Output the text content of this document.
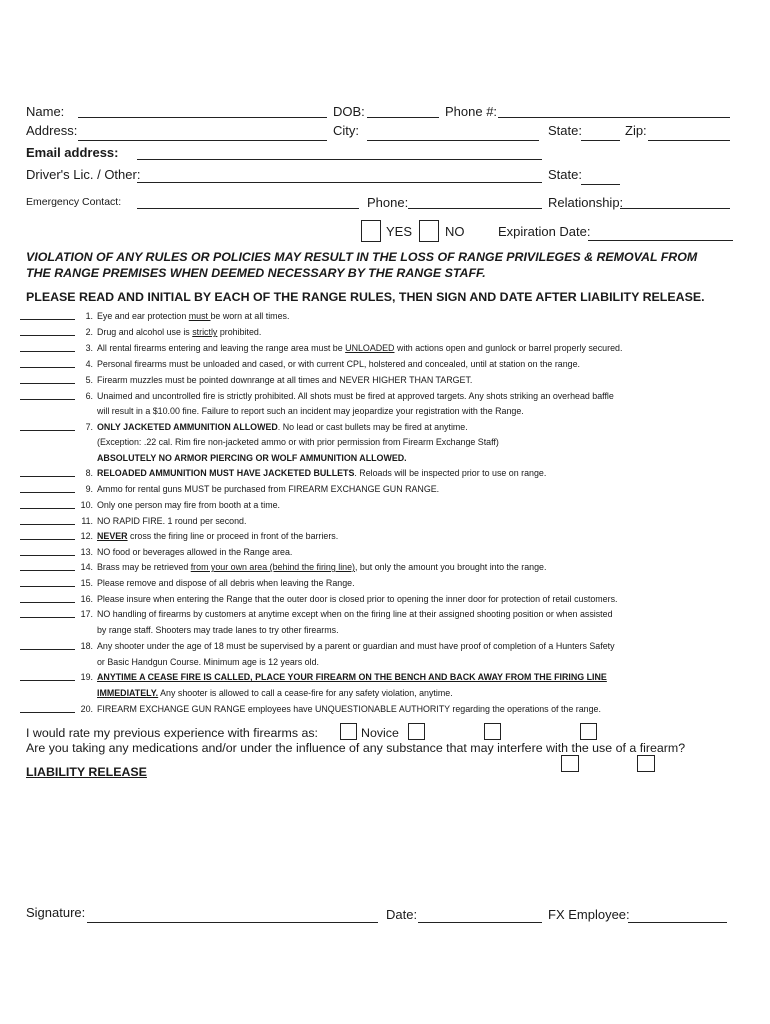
Name:	DOB:	Phone #:
Address:	City:	State:	Zip:
Email address:
Driver's Lic. / Other:	State:
Emergency Contact:	Phone:	Relationship:
YES	NO	Expiration Date:
VIOLATION OF ANY RULES OR POLICIES MAY RESULT IN THE LOSS OF RANGE PRIVILEGES & REMOVAL FROM
THE RANGE PREMISES WHEN DEEMED NECESSARY BY THE RANGE STAFF.
PLEASE READ AND INITIAL BY EACH OF THE RANGE RULES, THEN SIGN AND DATE AFTER LIABILITY RELEASE.
1. Eye and ear protection must be worn at all times.
2. Drug and alcohol use is strictly prohibited.
3. All rental firearms entering and leaving the range area must be UNLOADED with actions open and gunlock or barrel properly secured.
4. Personal firearms must be unloaded and cased, or with current CPL, holstered and concealed, until at station on the range.
5. Firearm muzzles must be pointed downrange at all times and NEVER HIGHER THAN TARGET.
6. Unaimed and uncontrolled fire is strictly prohibited. All shots must be fired at approved targets. Any shots striking an overhead baffle
will result in a $10.00 fine. Failure to report such an incident may jeopardize your registration with the Range.
7. ONLY JACKETED AMMUNITION ALLOWED. No lead or cast bullets may be fired at anytime.
(Exception: .22 cal. Rim fire non-jacketed ammo or with prior permission from Firearm Exchange Staff)
ABSOLUTELY NO ARMOR PIERCING OR WOLF AMMUNITION ALLOWED.
8. RELOADED AMMUNITION MUST HAVE JACKETED BULLETS. Reloads will be inspected prior to use on range.
9. Ammo for rental guns MUST be purchased from FIREARM EXCHANGE GUN RANGE.
10. Only one person may fire from booth at a time.
11. NO RAPID FIRE. 1 round per second.
12. NEVER cross the firing line or proceed in front of the barriers.
13. NO food or beverages allowed in the Range area.
14. Brass may be retrieved from your own area (behind the firing line), but only the amount you brought into the range.
15. Please remove and dispose of all debris when leaving the Range.
16. Please insure when entering the Range that the outer door is closed prior to opening the inner door for protection of retail customers.
17. NO handling of firearms by customers at anytime except when on the firing line at their assigned shooting position or when assisted
by range staff. Shooters may trade lanes to try other firearms.
18. Any shooter under the age of 18 must be supervised by a parent or guardian and must have proof of completion of a Hunters Safety
or Basic Handgun Course. Minimum age is 12 years old.
19. ANYTIME A CEASE FIRE IS CALLED, PLACE YOUR FIREARM ON THE BENCH AND BACK AWAY FROM THE FIRING LINE
IMMEDIATELY. Any shooter is allowed to call a cease-fire for any safety violation, anytime.
20. FIREARM EXCHANGE GUN RANGE employees have UNQUESTIONABLE AUTHORITY regarding the operations of the range.
I would rate my previous experience with firearms as:	Novice
Are you taking any medications and/or under the influence of any substance that may interfere with the use of a firearm?
LIABILITY RELEASE
Signature:	Date:	FX Employee:
